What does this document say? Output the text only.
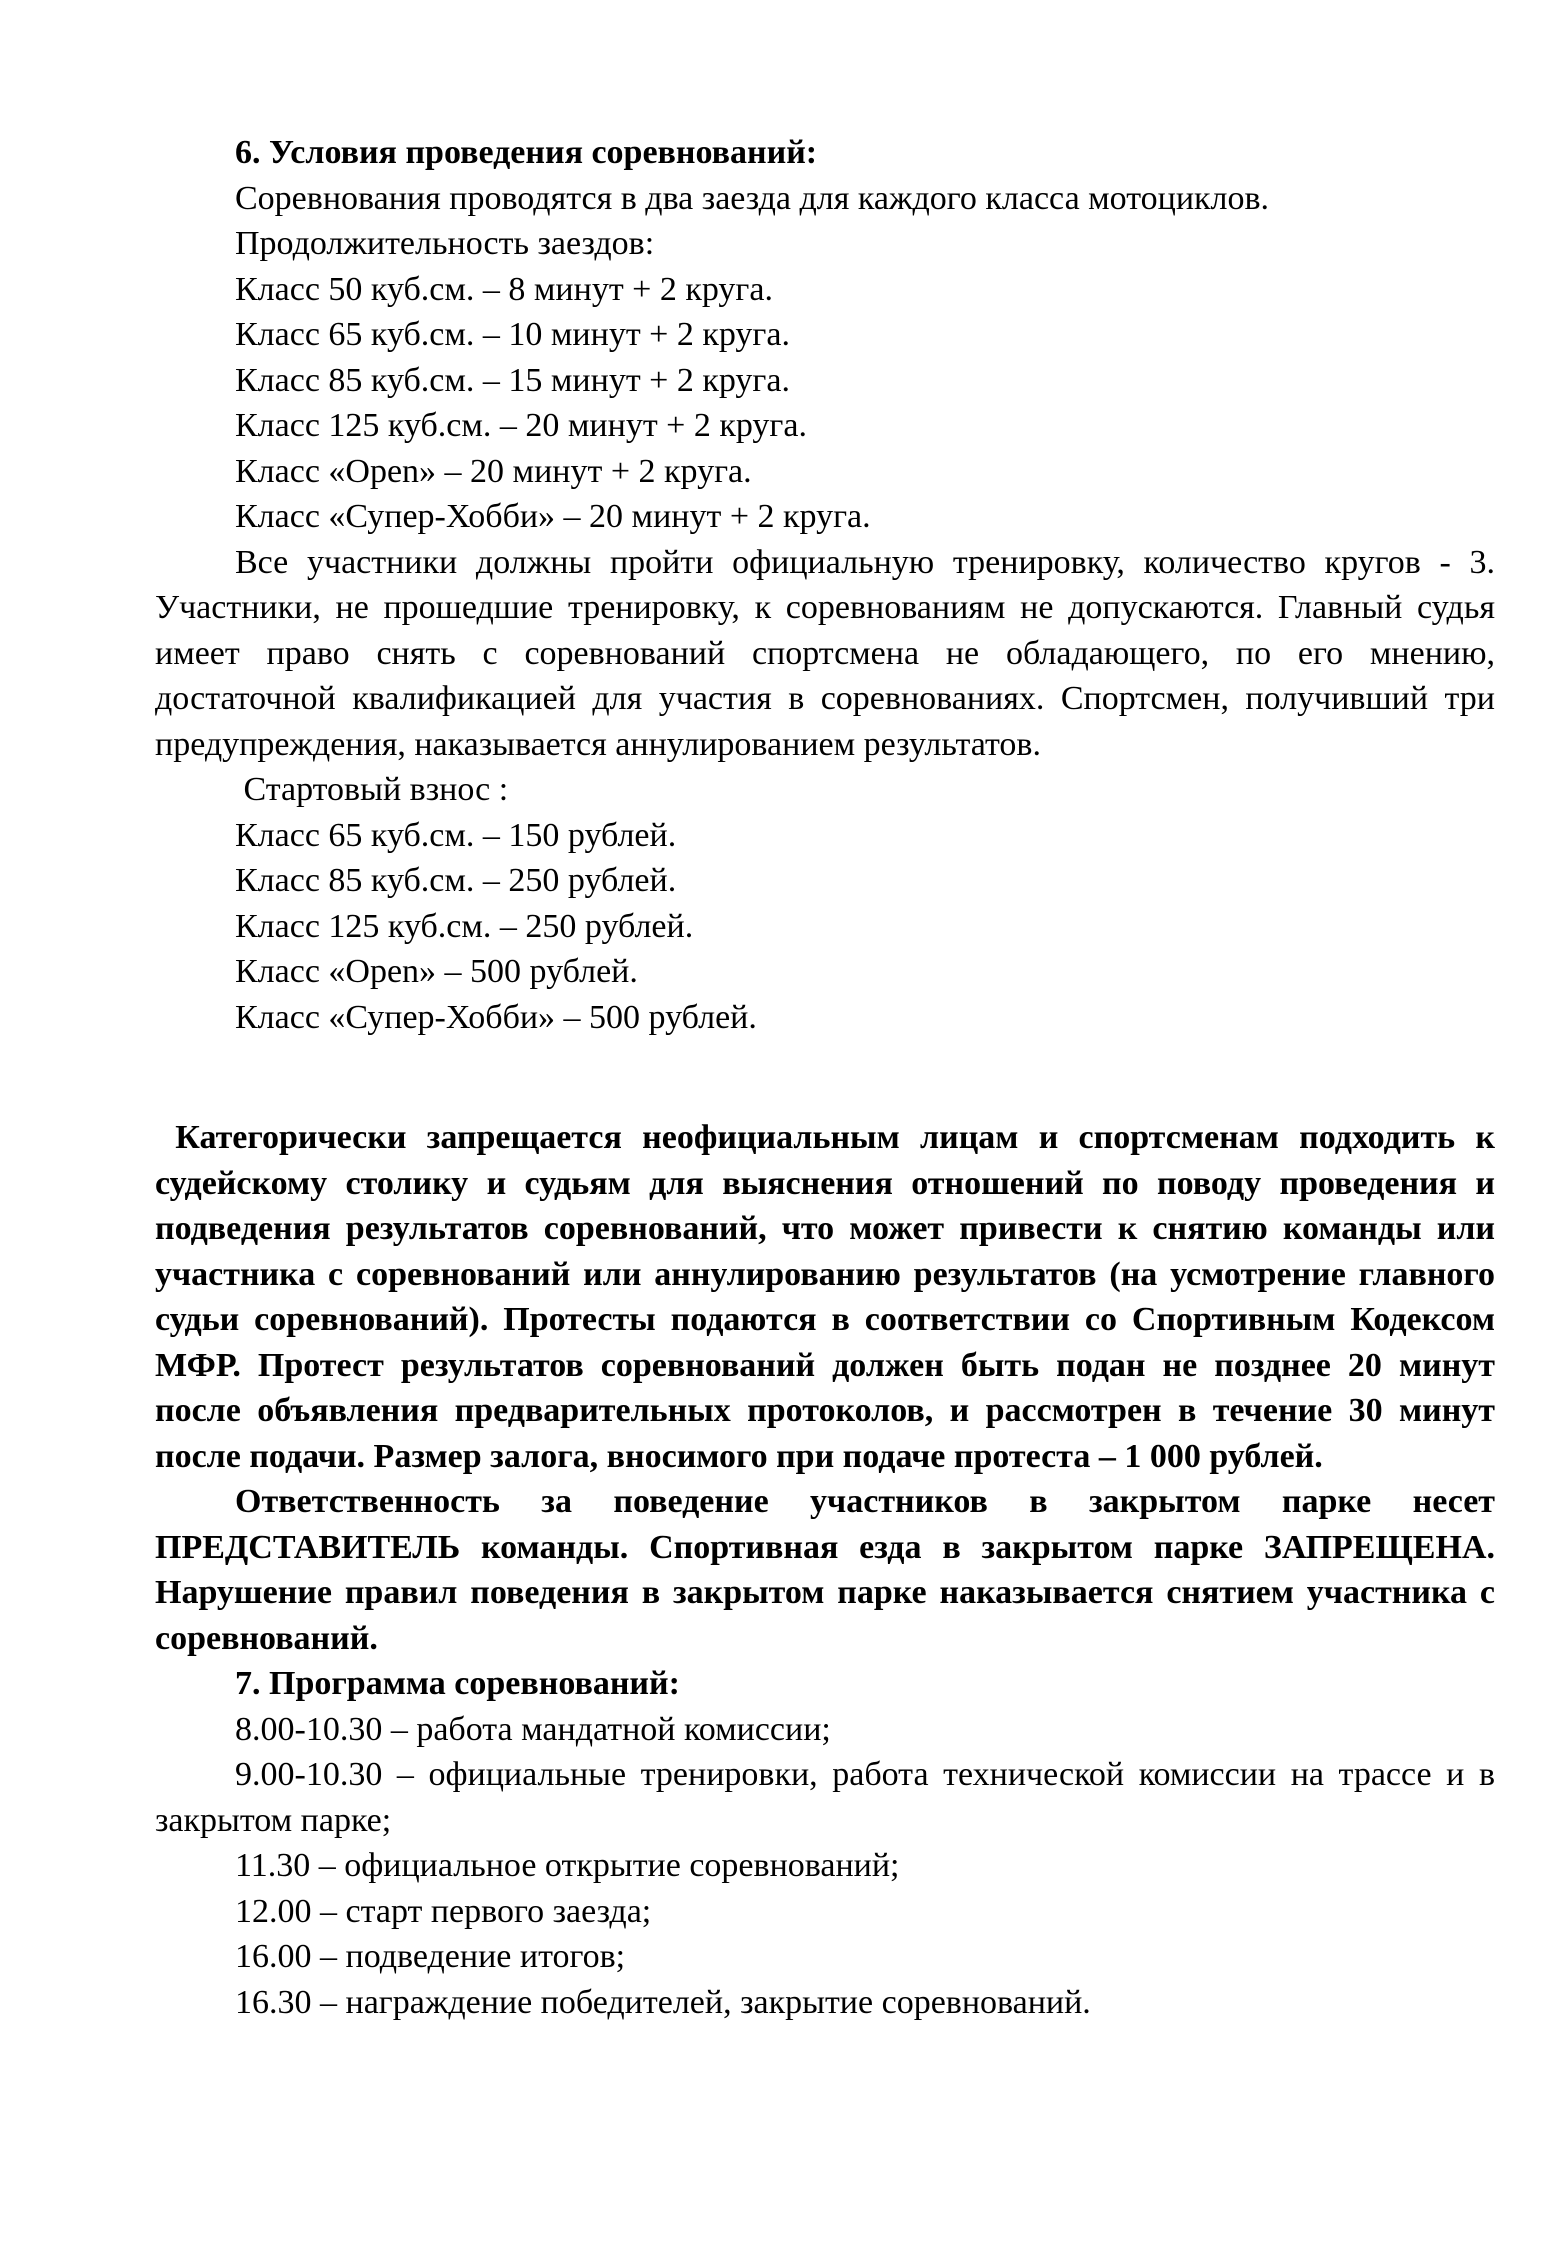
6. Условия проведения соревнований:
Соревнования проводятся в два заезда для каждого класса мотоциклов.
Продолжительность заездов:
Класс 50 куб.см. – 8 минут + 2 круга.
Класс 65 куб.см. – 10 минут + 2 круга.
Класс 85 куб.см. – 15 минут + 2 круга.
Класс 125 куб.см. – 20 минут + 2 круга.
Класс «Open» – 20 минут + 2 круга.
Класс «Супер-Хобби» – 20 минут + 2 круга.

Все участники должны пройти официальную тренировку, количество кругов - 3. Участники, не прошедшие тренировку, к соревнованиям не допускаются. Главный судья имеет право снять с соревнований спортсмена не обладающего, по его мнению, достаточной квалификацией для участия в соревнованиях. Спортсмен, получивший три предупреждения, наказывается аннулированием результатов.

Стартовый взнос :
Класс 65 куб.см. – 150 рублей.
Класс 85 куб.см. – 250 рублей.
Класс 125 куб.см. – 250 рублей.
Класс «Open» – 500 рублей.
Класс «Супер-Хобби» – 500 рублей.

Категорически запрещается неофициальным лицам и спортсменам подходить к судейскому столику и судьям для выяснения отношений по поводу проведения и подведения результатов соревнований, что может привести к снятию команды или участника с соревнований или аннулированию результатов (на усмотрение главного судьи соревнований). Протесты подаются в соответствии со Спортивным Кодексом МФР. Протест результатов соревнований должен быть подан не позднее 20 минут после объявления предварительных протоколов, и рассмотрен в течение 30 минут после подачи. Размер залога, вносимого при подаче протеста – 1 000 рублей.

Ответственность за поведение участников в закрытом парке несет ПРЕДСТАВИТЕЛЬ команды. Спортивная езда в закрытом парке ЗАПРЕЩЕНА. Нарушение правил поведения в закрытом парке наказывается снятием участника с соревнований.

7. Программа соревнований:
8.00-10.30 – работа мандатной комиссии;

9.00-10.30 – официальные тренировки, работа технической комиссии на трассе и в закрытом парке;

11.30 – официальное открытие соревнований;
12.00 – старт первого заезда;
16.00 – подведение итогов;
16.30 – награждение победителей, закрытие соревнований.
